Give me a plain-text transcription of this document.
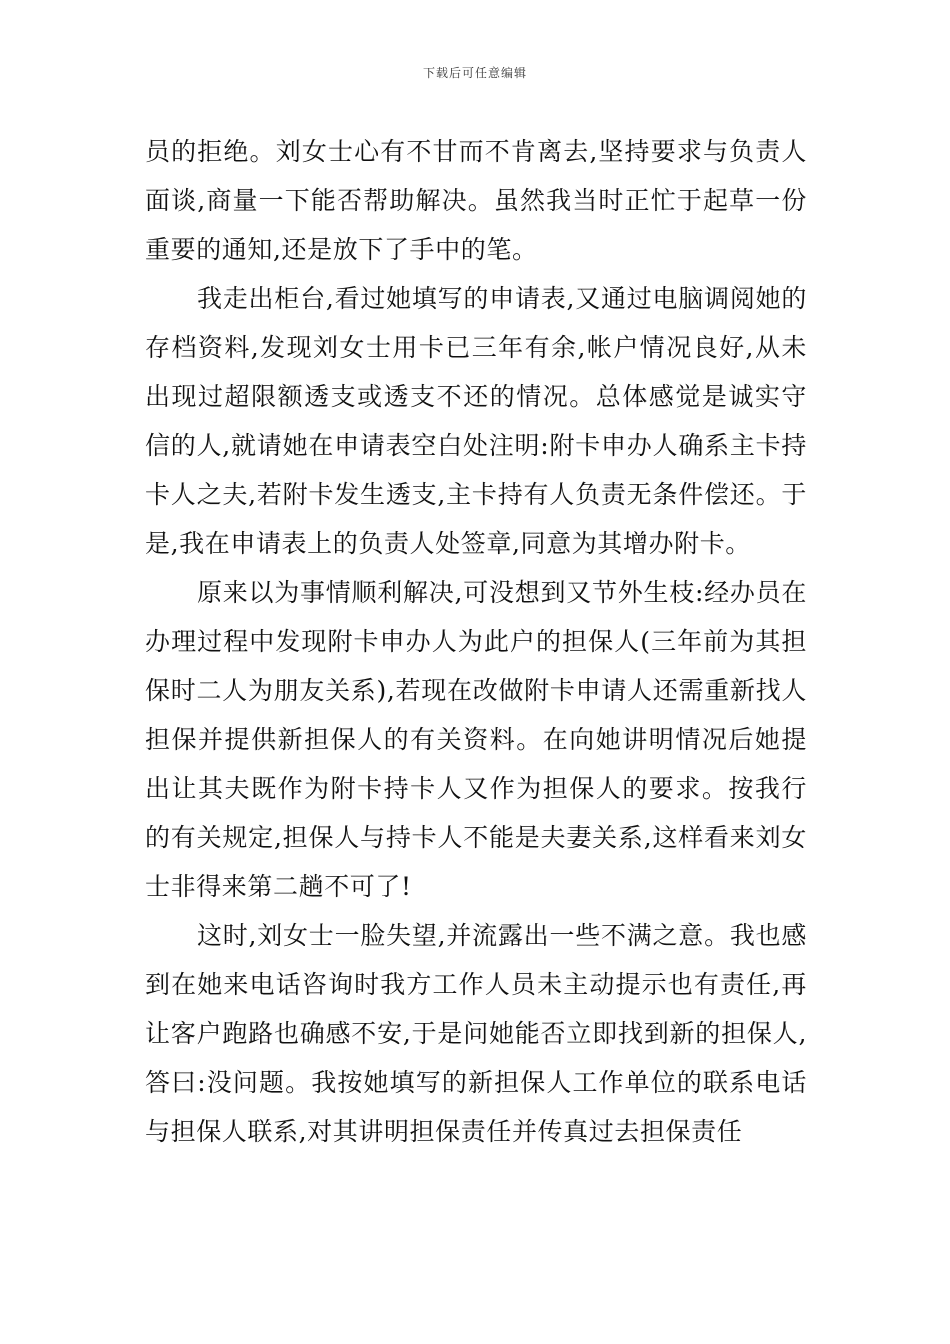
下载后可任意编辑

员的拒绝。刘女士心有不甘而不肯离去,坚持要求与负责人面谈,商量一下能否帮助解决。虽然我当时正忙于起草一份重要的通知,还是放下了手中的笔。

我走出柜台,看过她填写的申请表,又通过电脑调阅她的存档资料,发现刘女士用卡已三年有余,帐户情况良好,从未出现过超限额透支或透支不还的情况。总体感觉是诚实守信的人,就请她在申请表空白处注明:附卡申办人确系主卡持卡人之夫,若附卡发生透支,主卡持有人负责无条件偿还。于是,我在申请表上的负责人处签章,同意为其增办附卡。

原来以为事情顺利解决,可没想到又节外生枝:经办员在办理过程中发现附卡申办人为此户的担保人(三年前为其担保时二人为朋友关系),若现在改做附卡申请人还需重新找人担保并提供新担保人的有关资料。在向她讲明情况后她提出让其夫既作为附卡持卡人又作为担保人的要求。按我行的有关规定,担保人与持卡人不能是夫妻关系,这样看来刘女士非得来第二趟不可了!

这时,刘女士一脸失望,并流露出一些不满之意。我也感到在她来电话咨询时我方工作人员未主动提示也有责任,再让客户跑路也确感不安,于是问她能否立即找到新的担保人,答曰:没问题。我按她填写的新担保人工作单位的联系电话与担保人联系,对其讲明担保责任并传真过去担保责任
